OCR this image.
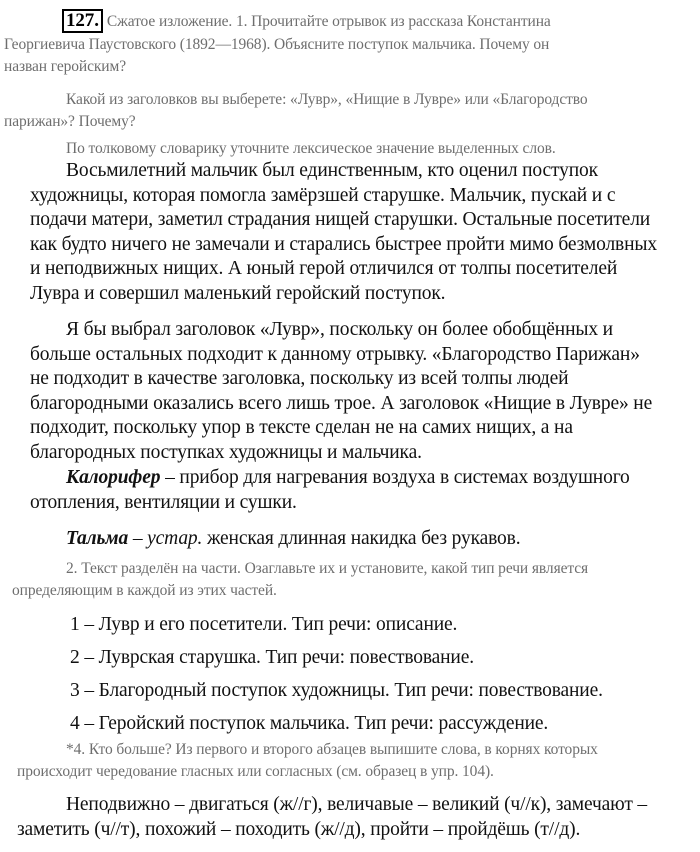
127. Сжатое изложение. 1. Прочитайте отрывок из рассказа Константина
Георгиевича Паустовского (1892—1968). Объясните поступок мальчика. Почему он
назван геройским?
Какой из заголовков вы выберете: «Лувр», «Нищие в Лувре» или «Благородство
парижан»? Почему?
По толковому словарику уточните лексическое значение выделенных слов.
Восьмилетний мальчик был единственным, кто оценил поступок
художницы, которая помогла замёрзшей старушке. Мальчик, пускай и с
подачи матери, заметил страдания нищей старушки. Остальные посетители
как будто ничего не замечали и старались быстрее пройти мимо безмолвных
и неподвижных нищих. А юный герой отличился от толпы посетителей
Лувра и совершил маленький геройский поступок.
Я бы выбрал заголовок «Лувр», поскольку он более обобщённых и
больше остальных подходит к данному отрывку. «Благородство Парижан»
не подходит в качестве заголовка, поскольку из всей толпы людей
благородными оказались всего лишь трое. А заголовок «Нищие в Лувре» не
подходит, поскольку упор в тексте сделан не на самих нищих, а на
благородных поступках художницы и мальчика.
Калорифер – прибор для нагревания воздуха в системах воздушного
отопления, вентиляции и сушки.
Тальма – устар. женская длинная накидка без рукавов.
2. Текст разделён на части. Озаглавьте их и установите, какой тип речи является
определяющим в каждой из этих частей.
1 – Лувр и его посетители. Тип речи: описание.
2 – Луврская старушка. Тип речи: повествование.
3 – Благородный поступок художницы. Тип речи: повествование.
4 – Геройский поступок мальчика. Тип речи: рассуждение.
*4. Кто больше? Из первого и второго абзацев выпишите слова, в корнях которых
происходит чередование гласных или согласных (см. образец в упр. 104).
Неподвижно – двигаться (ж//г), величавые – великий (ч//к), замечают –
заметить (ч//т), похожий – походить (ж//д), пройти – пройдёшь (т//д).
